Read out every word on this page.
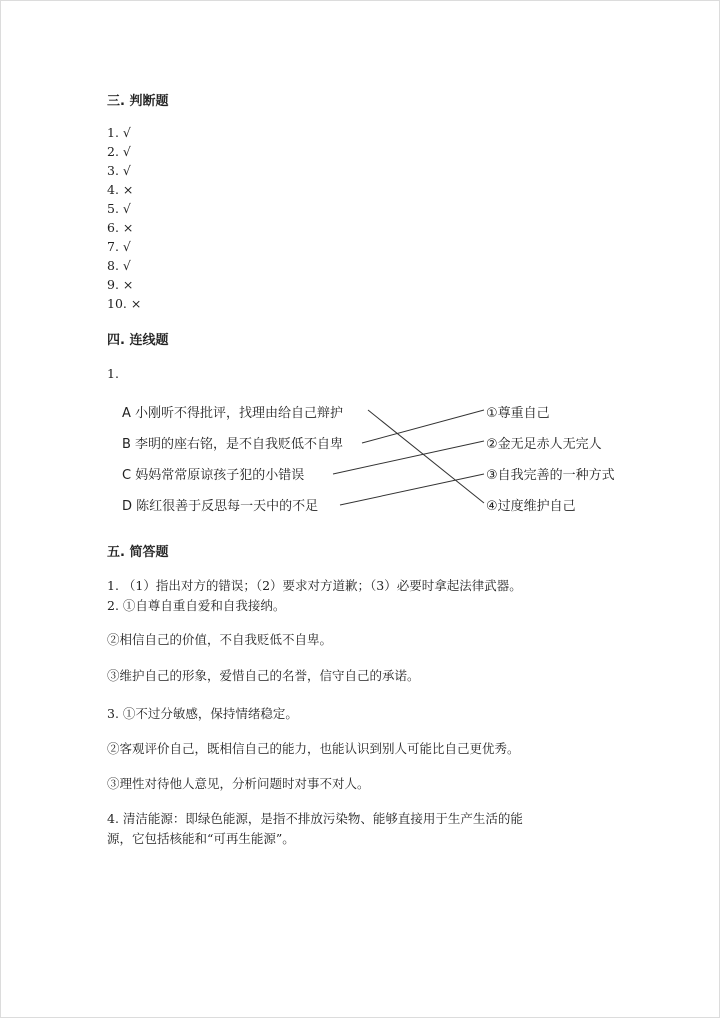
三. 判断题
1. √
2. √
3. √
4. ×
5. √
6. ×
7. √
8. √
9. ×
10. ×
四. 连线题
1.
A 小刚听不得批评，找理由给自己辩护
B 李明的座右铭，是不自我贬低不自卑
C 妈妈常常原谅孩子犯的小错误
D 陈红很善于反思每一天中的不足
①尊重自己
②金无足赤人无完人
③自我完善的一种方式
④过度维护自己
五. 简答题
1. （1）指出对方的错误；（2）要求对方道歉；（3）必要时拿起法律武器。
2. ①自尊自重自爱和自我接纳。
②相信自己的价值，不自我贬低不自卑。
③维护自己的形象，爱惜自己的名誉，信守自己的承诺。
3. ①不过分敏感，保持情绪稳定。
②客观评价自己，既相信自己的能力，也能认识到别人可能比自己更优秀。
③理性对待他人意见，分析问题时对事不对人。
4. 清洁能源：即绿色能源，是指不排放污染物、能够直接用于生产生活的能
源，它包括核能和“可再生能源”。
